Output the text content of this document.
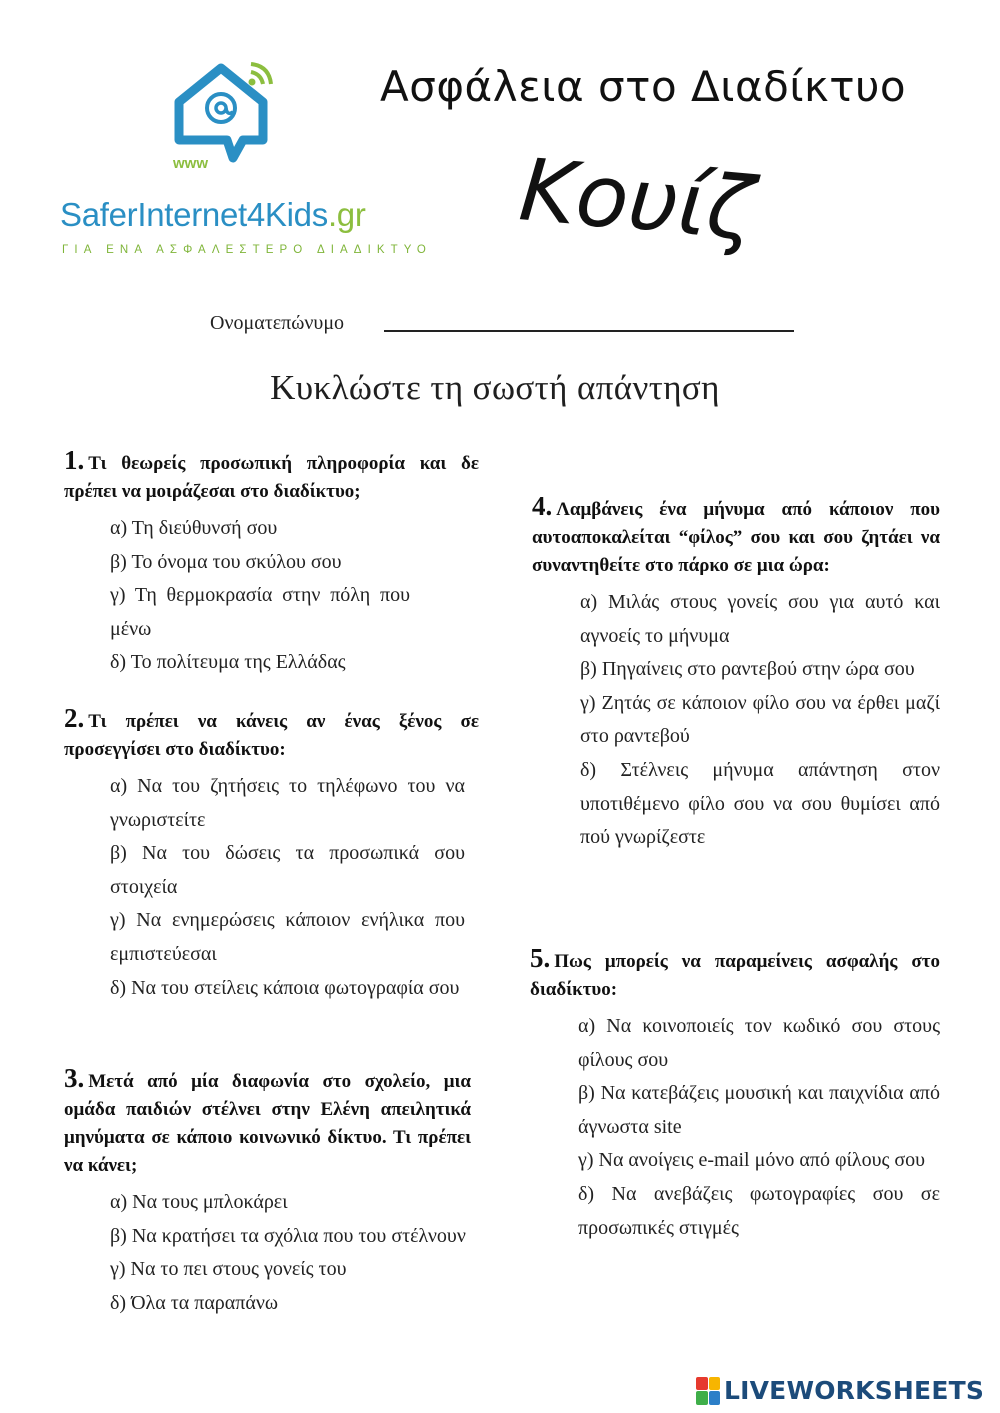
www
SaferInternet4Kids.gr
ΓΙΑ ΕΝΑ ΑΣΦΑΛΕΣΤΕΡΟ ΔΙΑΔΙΚΤΥΟ
Ασφάλεια στο Διαδίκτυο
Κουίζ
Ονοματεπώνυμο
Κυκλώστε τη σωστή απάντηση

1. Τι θεωρείς προσωπική πληροφορία και δε πρέπει να μοιράζεσαι στο διαδίκτυο;

α) Τη διεύθυνσή σου
β) Το όνομα του σκύλου σου
γ) Τη θερμοκρασία στην πόλη που μένω
δ) Το πολίτευμα της Ελλάδας

2. Τι πρέπει να κάνεις αν ένας ξένος σε προσεγγίσει στο διαδίκτυο:

α) Να του ζητήσεις το τηλέφωνο του να γνωριστείτε
β) Να του δώσεις τα προσωπικά σου στοιχεία
γ) Να ενημερώσεις κάποιον ενήλικα που εμπιστεύεσαι
δ) Να του στείλεις κάποια φωτογραφία σου

3. Μετά από μία διαφωνία στο σχολείο, μια ομάδα παιδιών στέλνει στην Ελένη απειλητικά μηνύματα σε κάποιο κοινωνικό δίκτυο. Τι πρέπει να κάνει;

α) Να τους μπλοκάρει
β) Να κρατήσει τα σχόλια που του στέλνουν
γ) Να το πει στους γονείς του
δ) Όλα τα παραπάνω

4. Λαμβάνεις ένα μήνυμα από κάποιον που αυτοαποκαλείται “φίλος” σου και σου ζητάει να συναντηθείτε στο πάρκο σε μια ώρα:

α) Μιλάς στους γονείς σου για αυτό και αγνοείς το μήνυμα
β) Πηγαίνεις στο ραντεβού στην ώρα σου
γ) Ζητάς σε κάποιον φίλο σου να έρθει μαζί στο ραντεβού
δ) Στέλνεις μήνυμα απάντηση στον υποτιθέμενο φίλο σου να σου θυμίσει από πού γνωρίζεστε

5. Πως μπορείς να παραμείνεις ασφαλής στο διαδίκτυο:

α) Να κοινοποιείς τον κωδικό σου στους φίλους σου
β) Να κατεβάζεις μουσική και παιχνίδια από άγνωστα site
γ) Να ανοίγεις e-mail μόνο από φίλους σου
δ) Να ανεβάζεις φωτογραφίες σου σε προσωπικές στιγμές
LIVEWORKSHEETS
